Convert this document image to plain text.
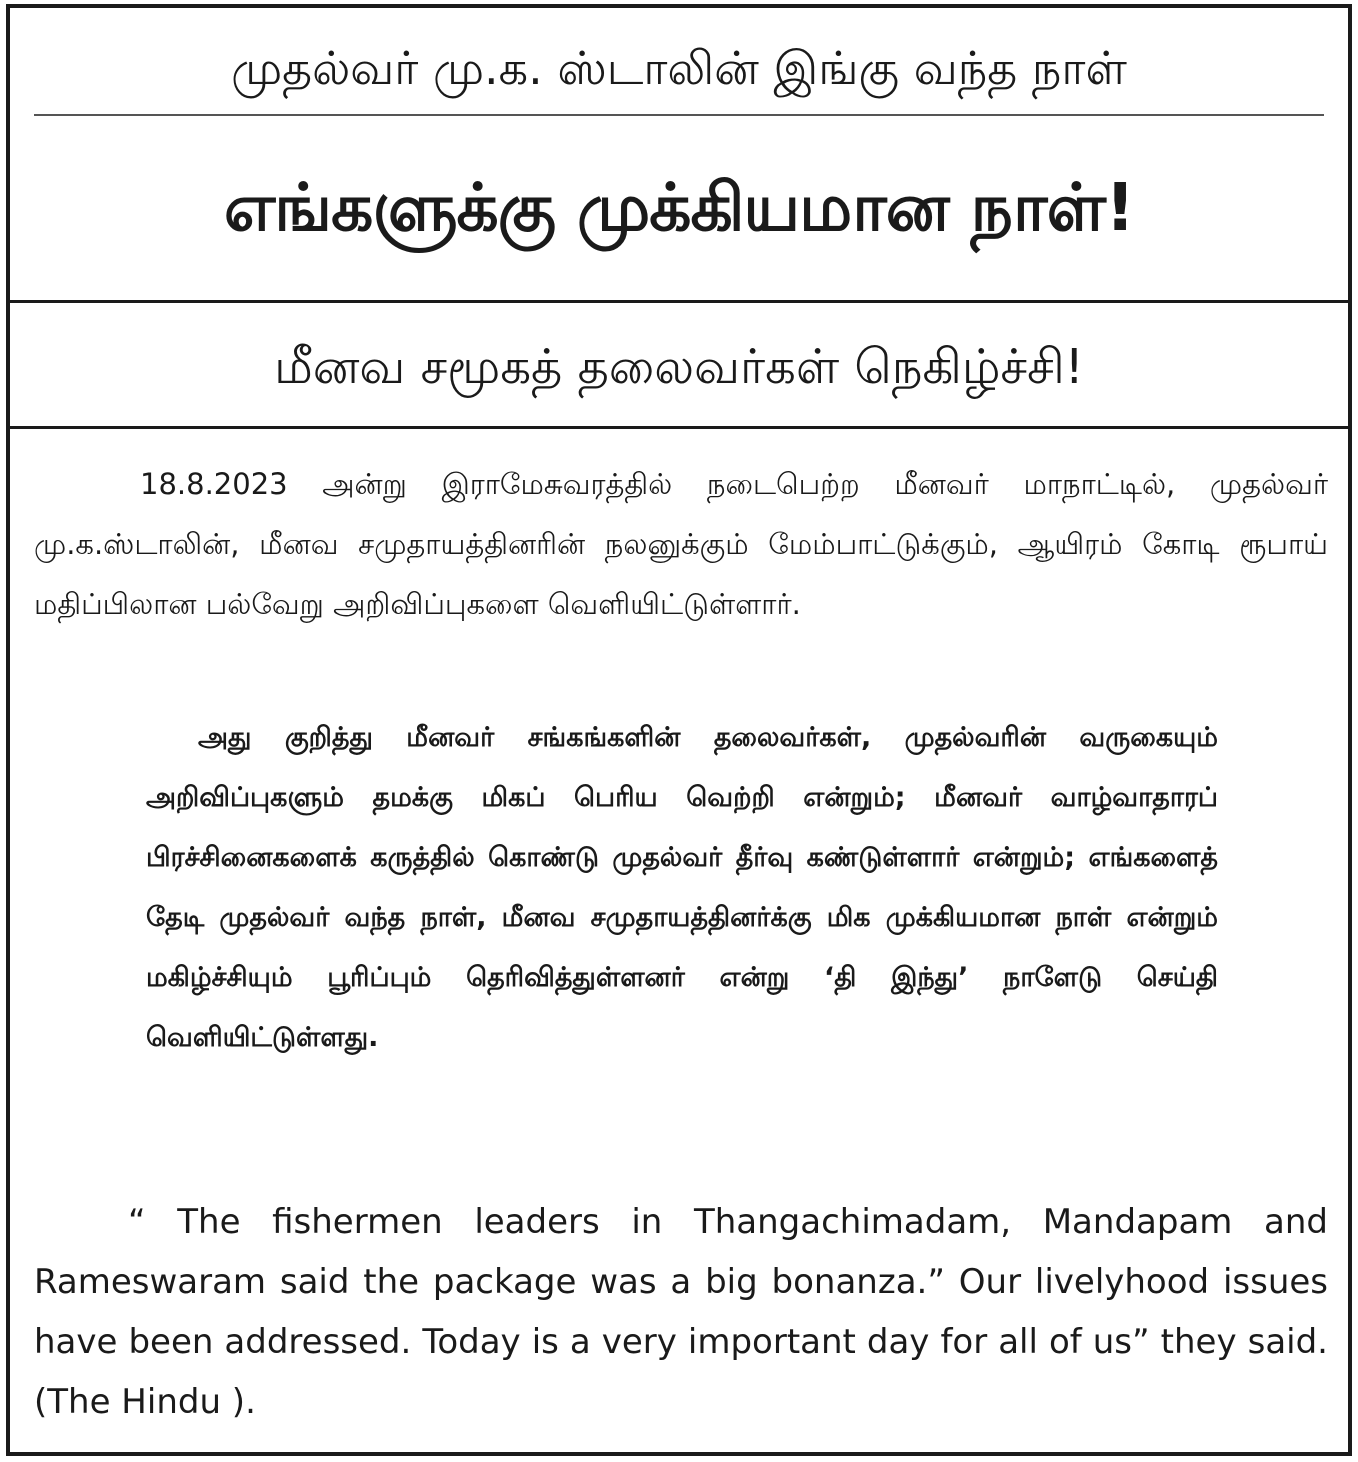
முதல்வர் மு.க. ஸ்டாலின் இங்கு வந்த நாள்
எங்களுக்கு முக்கியமான நாள்!
மீனவ சமூகத் தலைவர்கள் நெகிழ்ச்சி!
18.8.2023 அன்று இராமேசுவரத்தில் நடைபெற்ற மீனவர் மாநாட்டில், முதல்வர் மு.க.ஸ்டாலின், மீனவ சமுதாயத்தினரின் நலனுக்கும் மேம்பாட்டுக்கும், ஆயிரம் கோடி ரூபாய் மதிப்பிலான பல்வேறு அறிவிப்புகளை வெளியிட்டுள்ளார்.
அது குறித்து மீனவர் சங்கங்களின் தலைவர்கள், முதல்வரின் வருகையும் அறிவிப்புகளும் தமக்கு மிகப் பெரிய வெற்றி என்றும்; மீனவர் வாழ்வாதாரப் பிரச்சினைகளைக் கருத்தில் கொண்டு முதல்வர் தீர்வு கண்டுள்ளார் என்றும்; எங்களைத் தேடி முதல்வர் வந்த நாள், மீனவ சமுதாயத்தினர்க்கு மிக முக்கியமான நாள் என்றும் மகிழ்ச்சியும் பூரிப்பும் தெரிவித்துள்ளனர் என்று ‘தி இந்து’ நாளேடு செய்தி வெளியிட்டுள்ளது.
“ The fishermen leaders in Thangachimadam, Mandapam and Rameswaram said the package was a big bonanza.” Our livelyhood issues have been addressed. Today is a very important day for all of us” they said. (The Hindu ).
